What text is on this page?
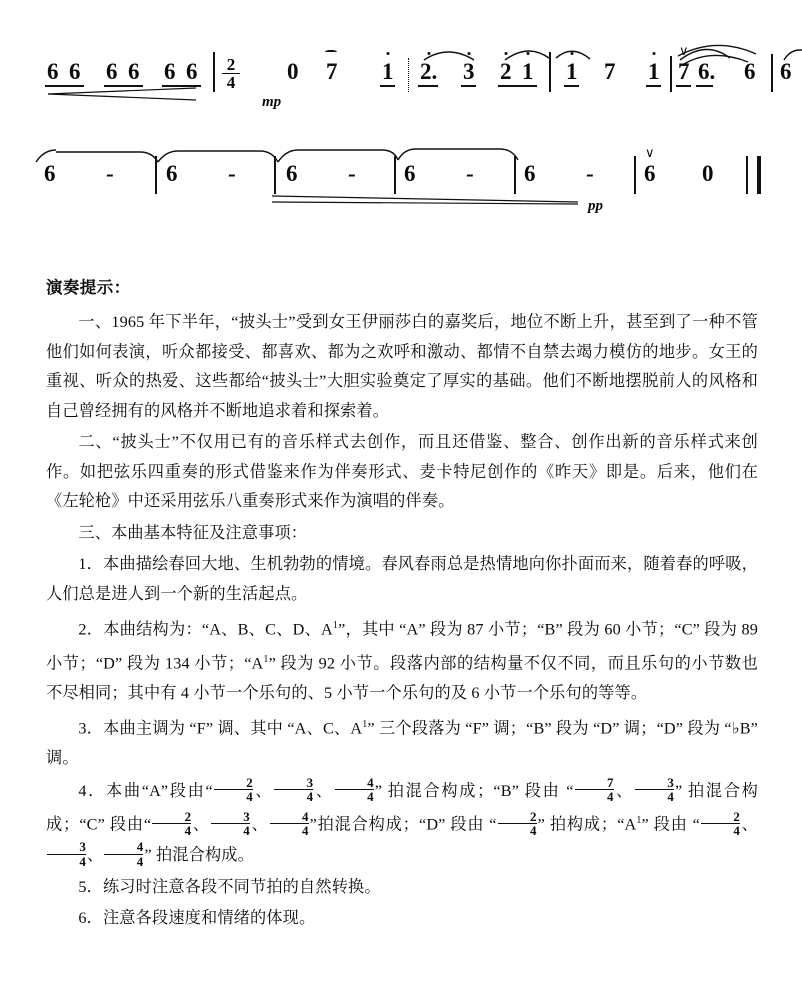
6 6 6 6 6 $6 \frac{2}{4} 0$ 7
mp
1 2. 3 2 1 1 7 1
∨
7 6. 6 6
6 - 6 - 6 - 6 - 6 -
∨
6 0
pp
演奏提示：

一、1965 年下半年，“披头士”受到女王伊丽莎白的嘉奖后，地位不断上升，甚至到了一种不管他们如何表演，听众都接受、都喜欢、都为之欢呼和激动、都情不自禁去竭力模仿的地步。女王的重视、听众的热爱、这些都给“披头士”大胆实验奠定了厚实的基础。他们不断地摆脱前人的风格和自己曾经拥有的风格并不断地追求着和探索着。

二、“披头士”不仅用已有的音乐样式去创作，而且还借鉴、整合、创作出新的音乐样式来创作。如把弦乐四重奏的形式借鉴来作为伴奏形式、麦卡特尼创作的《昨天》即是。后来，他们在《左轮枪》中还采用弦乐八重奏形式来作为演唱的伴奏。

三、本曲基本特征及注意事项：

1．本曲描绘春回大地、生机勃勃的情境。春风春雨总是热情地向你扑面而来，随着春的呼吸，人们总是进人到一个新的生活起点。

2．本曲结构为：“A、B、C、D、$A^1$”，其中 “A” 段为 87 小节；“B” 段为 60 小节；“C” 段为 89 小节；“D” 段为 134 小节；“$A^1$” 段为 92 小节。段落内部的结构量不仅不同，而且乐句的小节数也不尽相同；其中有 4 小节一个乐句的、5 小节一个乐句的及 6 小节一个乐句的等等。

3．本曲主调为 “F” 调、其中 “A、C、$A^1$” 三个段落为 “F” 调；“B” 段为 “D” 调；“D” 段为 “♭B” 调。

4．本曲“A”段由“ $\frac{2}{4}$ 、 $\frac{3}{4}$ 、 $\frac{4}{4}$ ” 拍混合构成；“B” 段由 “ $\frac{7}{4}$ 、 $\frac{3}{4}$ ” 拍混合构成；“C” 段由“ $\frac{2}{4}$ 、 $\frac{3}{4}$ 、 $\frac{4}{4}$ ”拍混合构成；“D” 段由 “ $\frac{2}{4}$ ” 拍构成；“$A^1$” 段由 “ $\frac{2}{4}$ 、
$\frac{3}{4}$ 、 $\frac{4}{4}$ ” 拍混合构成。

5．练习时注意各段不同节拍的自然转换。

6．注意各段速度和情绪的体现。
